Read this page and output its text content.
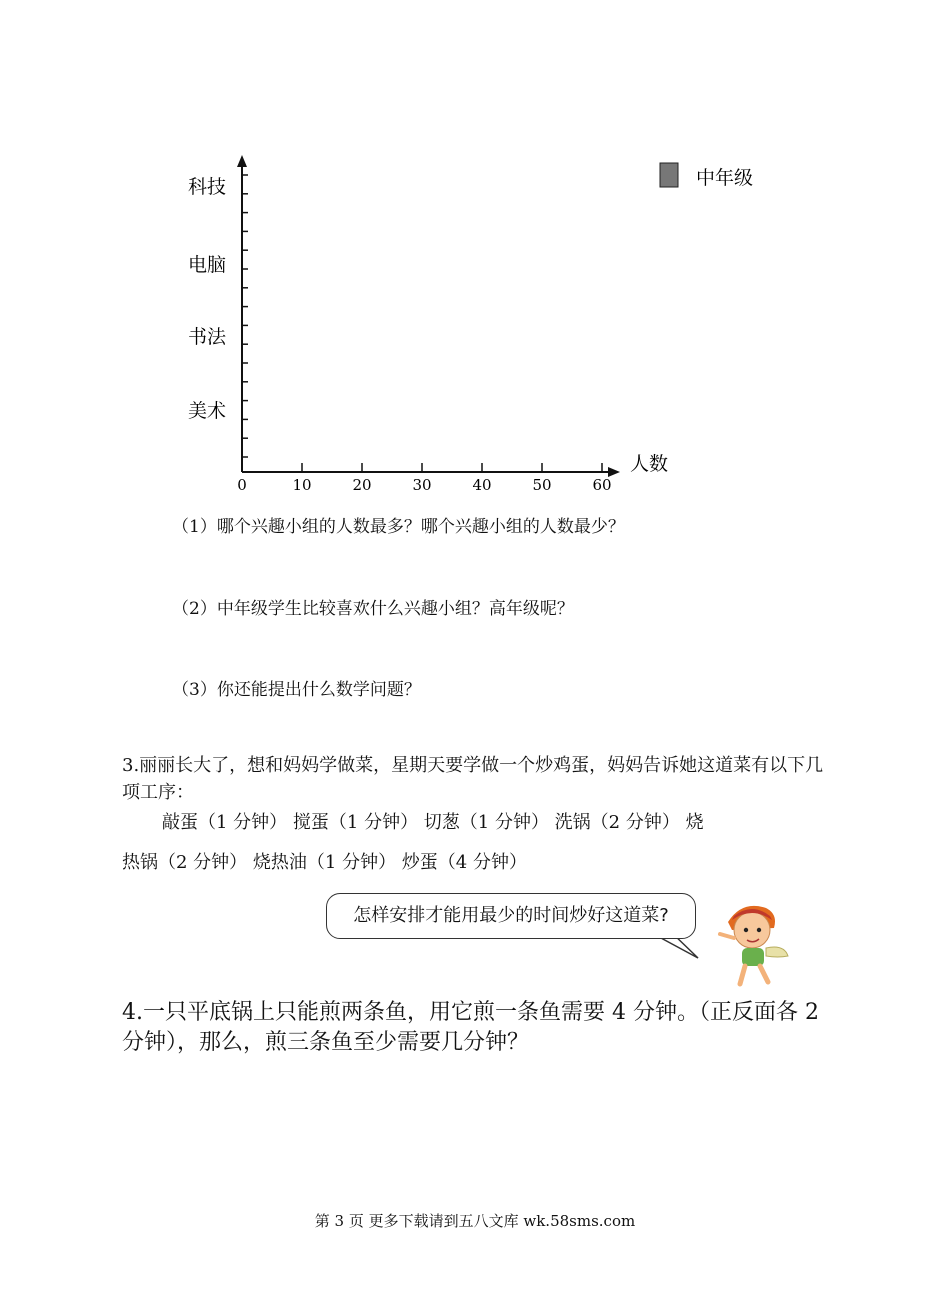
0	10	20	30	40	50	60
科技
电脑
书法
美术
人数
中年级
（1）哪个兴趣小组的人数最多？哪个兴趣小组的人数最少？
（2）中年级学生比较喜欢什么兴趣小组？高年级呢？
（3）你还能提出什么数学问题？
3.丽丽长大了，想和妈妈学做菜，星期天要学做一个炒鸡蛋，妈妈告诉她这道菜有以下几项工序：
敲蛋（1 分钟） 搅蛋（1 分钟） 切葱（1 分钟） 洗锅（2 分钟） 烧
热锅（2 分钟） 烧热油（1 分钟） 炒蛋（4 分钟）
怎样安排才能用最少的时间炒好这道菜?
4.一只平底锅上只能煎两条鱼，用它煎一条鱼需要 4 分钟。（正反面各 2 分钟），那么，煎三条鱼至少需要几分钟？
第 3 页 更多下载请到五八文库 wk.58sms.com
